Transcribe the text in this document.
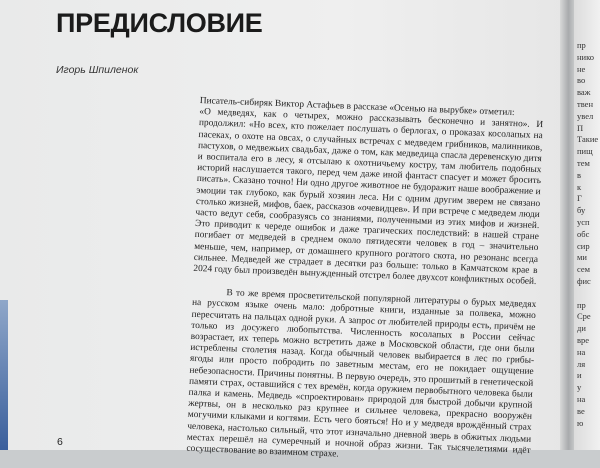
ПРЕДИСЛОВИЕ
Игорь Шпиленок

Писатель-сибиряк Виктор Астафьев в рассказе «Осенью на вырубке» отметил:
«О медведях, как о четырех, можно рассказывать бесконечно и занятно». И продолжил: «Но всех, кто пожелает послушать о берлогах, о проказах косолапых на пасеках, о охоте на овсах, о случайных встречах с медведем грибников, малинников, пастухов, о медвежьих свадьбах, даже о том, как медведица спасла деревенскую дитя и воспитала его в лесу, я отсылаю к охотничьему костру, там любитель подобных историй наслушается такого, перед чем даже иной фантаст спасует и может бросить писать». Сказано точно! Ни одно другое животное не будоражит наше воображение и эмоции так глубоко, как бурый хозяин леса. Ни с одним другим зверем не связано столько жизней, мифов, баек, рассказов «очевидцев». И при встрече с медведем люди часто ведут себя, сообразуясь со знаниями, полученными из этих мифов и жизней. Это приводит к череде ошибок и даже трагических последствий: в нашей стране погибает от медведей в среднем около пятидесяти человек в год – значительно меньше, чем, например, от домашнего крупного рогатого скота, но резонанс всегда сильнее. Медведей же страдает в десятки раз больше: только в Камчатском крае в 2024 году был произведён вынужденный отстрел более двухсот конфликтных особей.

В то же время просветительской популярной литературы о бурых медведях на русском языке очень мало: добротные книги, изданные за полвека, можно пересчитать на пальцах одной руки. А запрос от любителей природы есть, причём не только из досужего любопытства. Численность косолапых в России сейчас возрастает, их теперь можно встретить даже в Московской области, где они были истреблены столетия назад. Когда обычный человек выбирается в лес по грибы-ягоды или просто побродить по заветным местам, его не покидает ощущение небезопасности. Причины понятны. В первую очередь, это прошитый в генетической памяти страх, оставшийся с тех времён, когда оружием первобытного человека были палка и камень. Медведь «спроектирован» природой для быстрой добычи крупной жертвы, он в несколько раз крупнее и сильнее человека, прекрасно вооружён могучими клыками и когтями. Есть чего бояться! Но и у медведя врождённый страх человека, настолько сильный, что этот изначально дневной зверь в обжитых людьми местах перешёл на сумеречный и ночной образ жизни. Так тысячелетиями идёт сосуществование во взаимном страхе.

6
пр
нико
не
во
важ
твен
увел
П
Такие
пищ
тем
в
к
Г
бу
усп
обс
сир
ми
сем
фис
пр
Сре
ди
вре
на
ля
и
у
на
ве
ю
